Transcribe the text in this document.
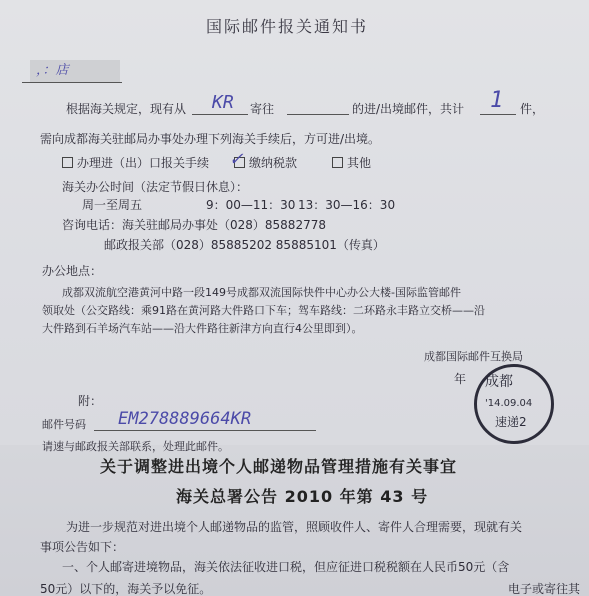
国际邮件报关通知书
，：店
根据海关规定，现有从 KR 寄往	的进/出境邮件，共计 1 件，
需向成都海关驻邮局办事处办理下列海关手续后，方可进/出境。
办理进（出）口报关手续	缴纳税款
✓	其他
海关办公时间（法定节假日休息）：
周一至周五	9：00—11：30 13：30—16：30
咨询电话：海关驻邮局办事处（028）85882778
邮政报关部（028）85885202 85885101（传真）
办公地点：
成都双流航空港黄河中路一段149号成都双流国际快件中心办公大楼-国际监管邮件
领取处（公交路线：乘91路在黄河路大件路口下车；驾车路线：二环路永丰路立交桥——沿
大件路到石羊场汽车站——沿大件路往新津方向直行4公里即到）。
成都国际邮件互换局
年 成都
'14.09.04
速递2
附：
邮件号码 EM278889664KR
请速与邮政报关部联系，处理此邮件。
关于调整进出境个人邮递物品管理措施有关事宜
海关总署公告 2010 年第 43 号
为进一步规范对进出境个人邮递物品的监管，照顾收件人、寄件人合理需要，现就有关
事项公告如下：
一、个人邮寄进境物品，海关依法征收进口税，但应征进口税税额在人民币50元（含
50元）以下的，海关予以免征。	电子或寄往其
